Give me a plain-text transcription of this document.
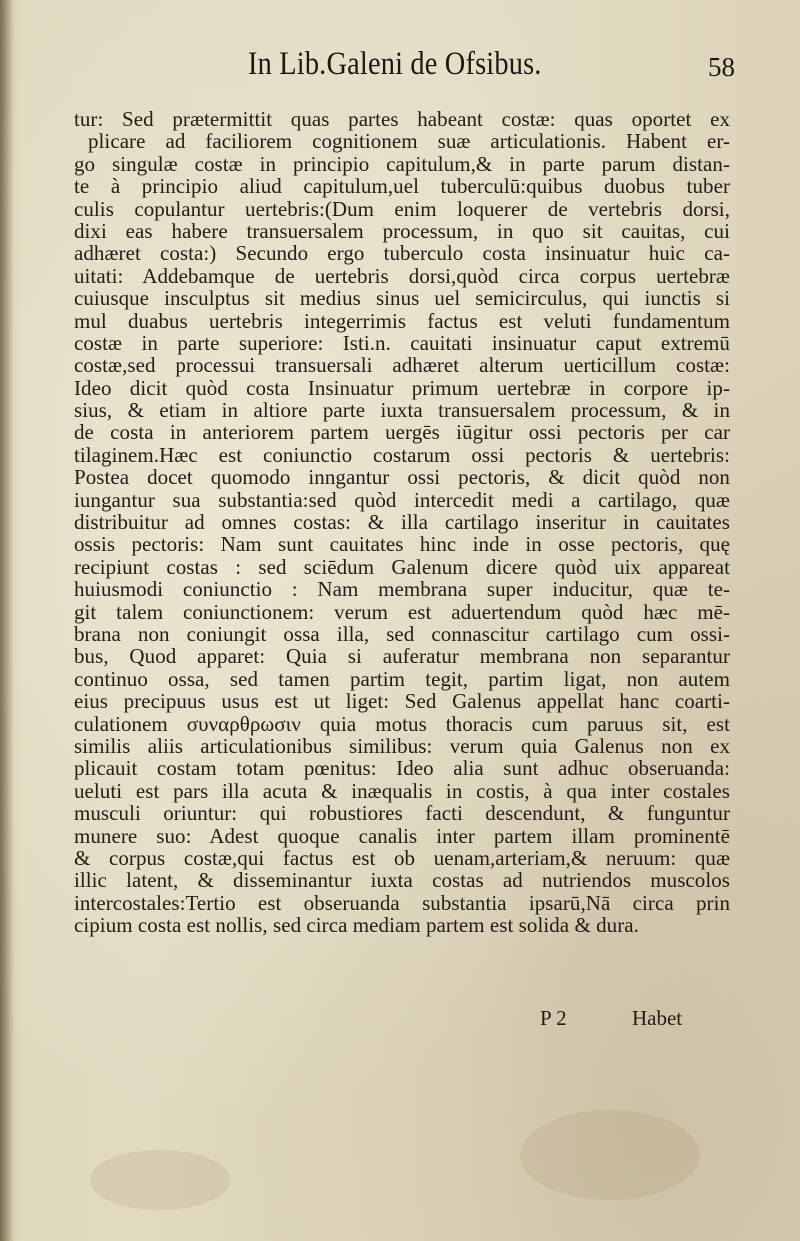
In Lib.Galeni de Ofsibus.	58
tur: Sed prætermittit quas partes habeant costæ: quas oportet ex
plicare ad faciliorem cognitionem suæ articulationis. Habent er-
go singulæ costæ in principio capitulum,& in parte parum distan-
te à principio aliud capitulum,uel tuberculū:quibus duobus tuber
culis copulantur uertebris:(Dum enim loquerer de vertebris dorsi,
dixi eas habere transuersalem processum, in quo sit cauitas, cui
adhæret costa:) Secundo ergo tuberculo costa insinuatur huic ca-
uitati: Addebamque de uertebris dorsi,quòd circa corpus uertebræ
cuiusque insculptus sit medius sinus uel semicirculus, qui iunctis si
mul duabus uertebris integerrimis factus est veluti fundamentum
costæ in parte superiore: Isti.n. cauitati insinuatur caput extremū
costæ,sed processui transuersali adhæret alterum uerticillum costæ:
Ideo dicit quòd costa Insinuatur primum uertebræ in corpore ip-
sius, & etiam in altiore parte iuxta transuersalem processum, & in
de costa in anteriorem partem uergēs iūgitur ossi pectoris per car
tilaginem.Hæc est coniunctio costarum ossi pectoris & uertebris:
Postea docet quomodo inngantur ossi pectoris, & dicit quòd non
iungantur sua substantia:sed quòd intercedit medi a cartilago, quæ
distribuitur ad omnes costas: & illa cartilago inseritur in cauitates
ossis pectoris: Nam sunt cauitates hinc inde in osse pectoris, quę
recipiunt costas : sed sciēdum Galenum dicere quòd uix appareat
huiusmodi coniunctio : Nam membrana super inducitur, quæ te-
git talem coniunctionem: verum est aduertendum quòd hæc mē-
brana non coniungit ossa illa, sed connascitur cartilago cum ossi-
bus, Quod apparet: Quia si auferatur membrana non separantur
continuo ossa, sed tamen partim tegit, partim ligat, non autem
eius precipuus usus est ut liget: Sed Galenus appellat hanc coarti-
culationem συναρθρωσιν quia motus thoracis cum paruus sit, est
similis aliis articulationibus similibus: verum quia Galenus non ex
plicauit costam totam pœnitus: Ideo alia sunt adhuc obseruanda:
ueluti est pars illa acuta & inæqualis in costis, à qua inter costales
musculi oriuntur: qui robustiores facti descendunt, & funguntur
munere suo: Adest quoque canalis inter partem illam prominentē
& corpus costæ,qui factus est ob uenam,arteriam,& neruum: quæ
illic latent, & disseminantur iuxta costas ad nutriendos muscolos
intercostales:Tertio est obseruanda substantia ipsarū,Nā circa prin
cipium costa est nollis, sed circa mediam partem est solida & dura.
P 2	Habet
